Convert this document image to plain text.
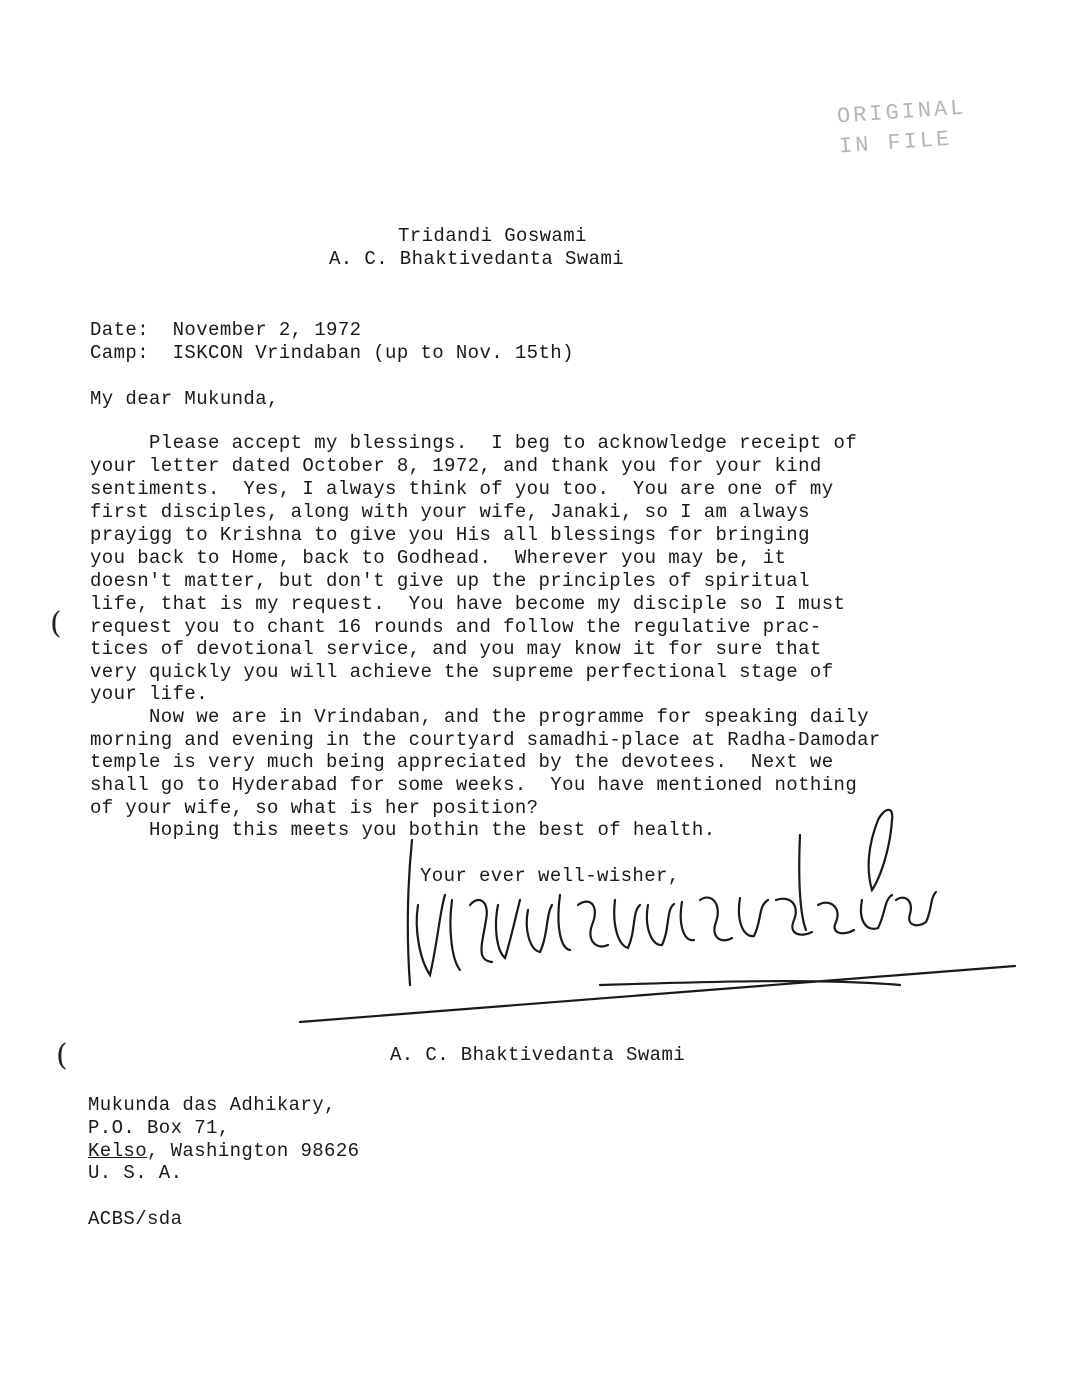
ORIGINAL
IN FILE
Tridandi Goswami
A. C. Bhaktivedanta Swami
Date: November 2, 1972
Camp: ISKCON Vrindaban (up to Nov. 15th)
My dear Mukunda,
Please accept my blessings.  I beg to acknowledge receipt of
your letter dated October 8, 1972, and thank you for your kind
sentiments.  Yes, I always think of you too.  You are one of my
first disciples, along with your wife, Janaki, so I am always
prayigg to Krishna to give you His all blessings for bringing
you back to Home, back to Godhead.  Wherever you may be, it
doesn't matter, but don't give up the principles of spiritual
life, that is my request.  You have become my disciple so I must
request you to chant 16 rounds and follow the regulative prac-
tices of devotional service, and you may know it for sure that
very quickly you will achieve the supreme perfectional stage of
your life.
Now we are in Vrindaban, and the programme for speaking daily
morning and evening in the courtyard samadhi-place at Radha-Damodar
temple is very much being appreciated by the devotees.  Next we
shall go to Hyderabad for some weeks.  You have mentioned nothing
of your wife, so what is her position?
Hoping this meets you bothin the best of health.
Your ever well-wisher,
A. C. Bhaktivedanta Swami
Mukunda das Adhikary,
P.O. Box 71,
Kelso, Washington 98626
U. S. A.
ACBS/sda
(
(
